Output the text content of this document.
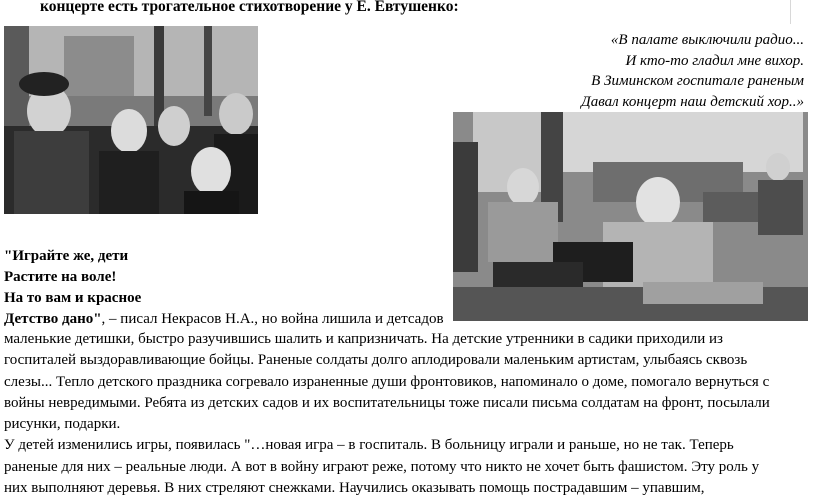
концерте есть трогательное стихотворение у Е. Евтушенко:
«В палате выключили радио...
И кто-то гладил мне вихор.
В Зиминском госпитале раненым
Давал концерт наш детский хор..»
"Играйте же, дети
Растите на воле!
На то вам и красное
Детство дано", – писал Некрасов Н.А., но война лишила и детсадов
маленькие детишки, быстро разучившись шалить и капризничать. На детские утренники в садики приходили из
госпиталей выздоравливающие бойцы. Раненые солдаты долго аплодировали маленьким артистам, улыбаясь сквозь
слезы... Тепло детского праздника согревало израненные души фронтовиков, напоминало о доме, помогало вернуться с
войны невредимыми. Ребята из детских садов и их воспитательницы тоже писали письма солдатам на фронт, посылали
рисунки, подарки.
У детей изменились игры, появилась "…новая игра – в госпиталь. В больницу играли и раньше, но не так. Теперь
раненые для них – реальные люди. А вот в войну играют реже, потому что никто не хочет быть фашистом. Эту роль у
них выполняют деревья. В них стреляют снежками. Научились оказывать помощь пострадавшим – упавшим,
